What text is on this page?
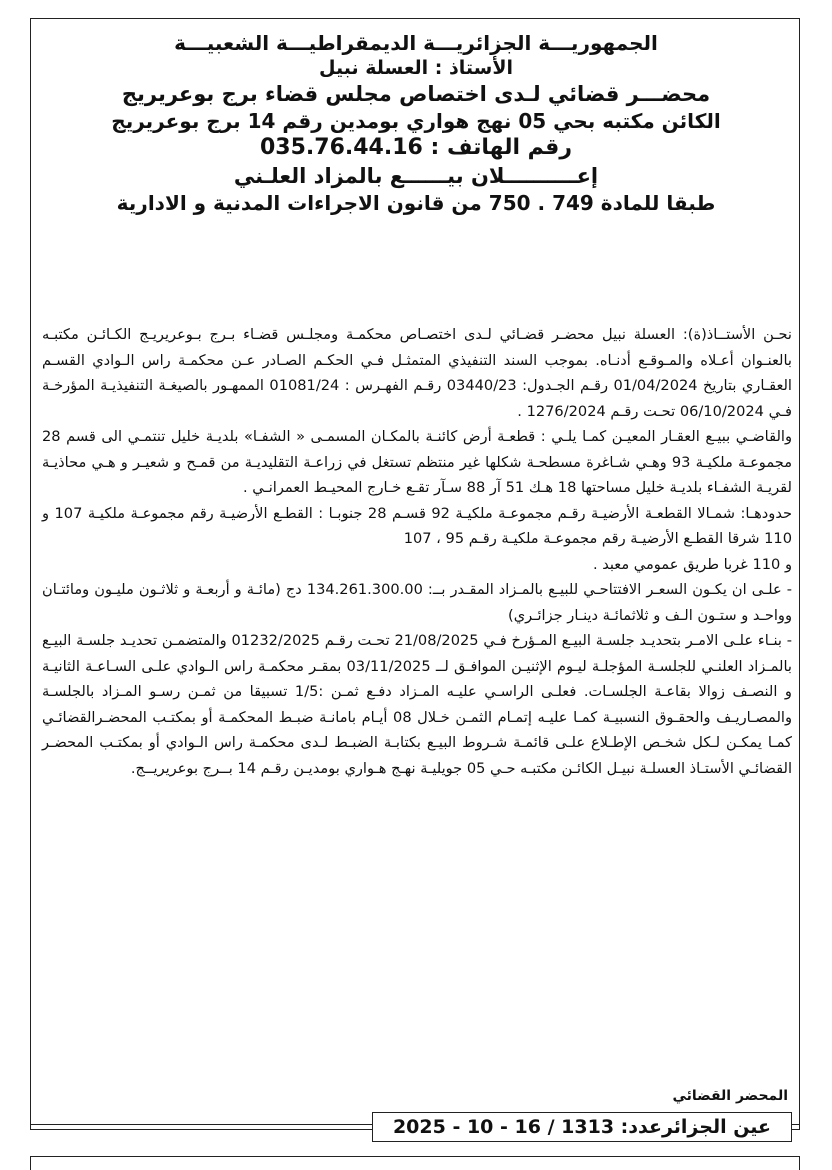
الجمهوريـــة الجزائريـــة الديمقراطيـــة الشعبيـــة
الأستاذ : العسلة نبيل
محضـــر قضائي لـدى اختصاص مجلس قضاء برج بوعريريج
الكائن مكتبه بحي 05 نهج هواري بومدين رقم 14 برج بوعريريج
رقم الهاتف : 035.76.44.16
إعــــــــــلان بيــــــع بالمزاد العلـني
طبقا للمادة 749 . 750 من قانون الاجراءات المدنية و الادارية

نحـن الأستــاذ(ة): العسلة نبيل محضـر قضـائي لـدى اختصـاص محكمـة ومجلـس قضـاء بـرج بـوعريريـج الكـائـن مكتبـه بالعنـوان أعـلاه والمـوقـع أدنـاه. بموجب السند التنفيذي المتمثـل فـي الحكـم الصـادر عـن محكمـة راس الـوادي القسـم العقـاري بتاريخ 01/04/2024 رقـم الجـدول: 03440/23 رقـم الفهـرس : 01081/24 الممهـور بالصيغـة التنفيذيـة المؤرخـة فـي 06/10/2024 تحـت رقـم 1276/2024 .

والقاضـي ببيـع العقـار المعيـن كمـا يلـي : قطعـة أرض كائنـة بالمكـان المسمـى « الشفـا» بلديـة خليل تنتمـي الى قسم 28 مجموعـة ملكيـة 93 وهـي شـاغرة مسطحـة شكلها غير منتظم تستغل في زراعـة التقليديـة من قمـح و شعيـر و هـي محاذيـة لقريـة الشفـاء بلديـة خليل مساحتها 18 هـك 51 آر 88 سـآر تقـع خـارج المحيـط العمرانـي .

حدودهـا: شمـالا القطعـة الأرضيـة رقـم مجموعـة ملكيـة 92 قسـم 28 جنوبـا : القطـع الأرضيـة رقم مجموعـة ملكيـة 107 و 110 شرقا القطـع الأرضيـة رقم مجموعـة ملكيـة رقـم 95 ، 107

و 110 غربا طريق عمومي معبد .

- علـى ان يكـون السعـر الافتتاحـي للبيـع بالمـزاد المقـدر بــ: 134.261.300.00 دج (مائـة و أربعـة و ثلاثـون مليـون ومائتـان وواحـد و ستـون الـف و ثلاثمائـة دينـار جزائـري)

- بنـاء علـى الامـر بتحديـد جلسـة البيـع المـؤرخ فـي 21/08/2025 تحـت رقـم 01232/2025 والمتضمـن تحديـد جلسـة البيـع بالمـزاد العلنـي للجلسـة المؤجلـة ليـوم الإثنيـن الموافـق لــ 03/11/2025 بمقـر محكمـة راس الـوادي علـى السـاعـة الثانيـة و النصـف زوالا بقاعـة الجلسـات. فعلـى الراسـي عليـه المـزاد دفـع ثمـن :1/5 تسبيقا من ثمـن رسـو المـزاد بالجلسـة والمصـاريـف والحقـوق النسبيـة كمـا عليـه إتمـام الثمـن خـلال 08 أيـام بامانـة ضبـط المحكمـة أو بمكتـب المحضـرالقضائـي كمـا يمكـن لـكل شخـص الإطـلاع علـى قائمـة شـروط البيـع بكتابـة الضبـط لـدى محكمـة راس الـوادي أو بمكتـب المحضـر القضائـي الأستـاذ العسلـة نبيـل الكائـن مكتبـه حـي 05 جويليـة نهـج هـواري بومديـن رقـم 14 بــرج بوعريريــج.

المحضر القضائي
عين الجزائرعدد: 1313 / 16 - 10 - 2025
